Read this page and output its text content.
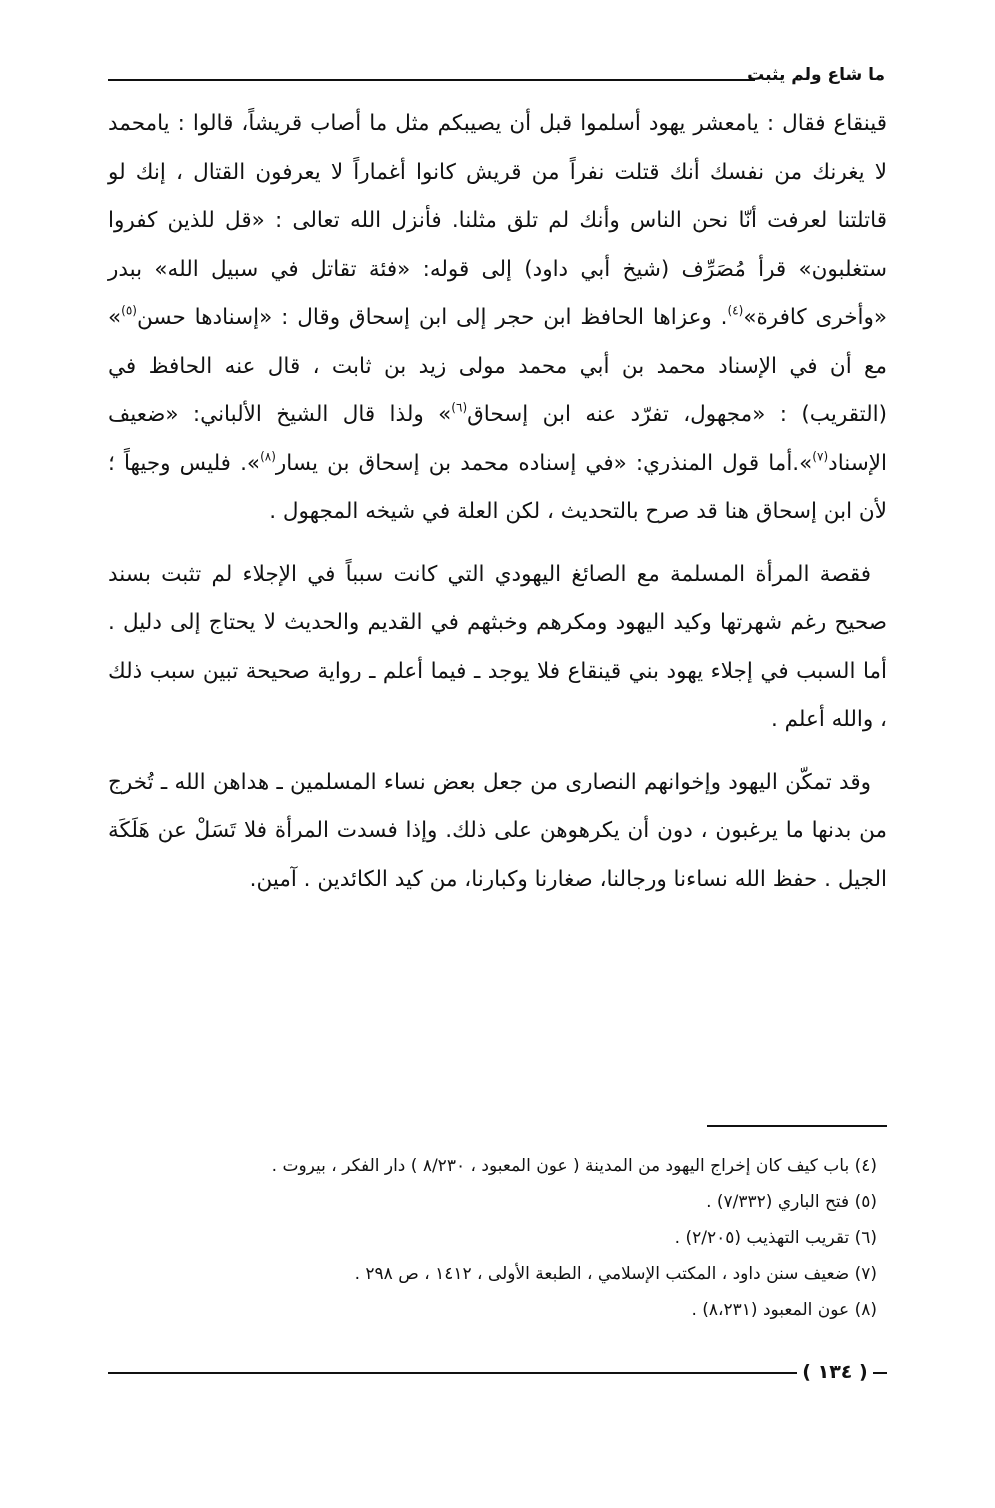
ما شاع ولم يثبت

قينقاع فقال : يامعشر يهود أسلموا قبل أن يصيبكم مثل ما أصاب قريشاً، قالوا : يامحمد لا يغرنك من نفسك أنك قتلت نفراً من قريش كانوا أغماراً لا يعرفون القتال ، إنك لو قاتلتنا لعرفت أنّا نحن الناس وأنك لم تلق مثلنا. فأنزل الله تعالى : «قل للذين كفروا ستغلبون» قرأ مُصَرِّف (شيخ أبي داود) إلى قوله: «فئة تقاتل في سبيل الله» ببدر «وأخرى كافرة»$^{(٤)}$. وعزاها الحافظ ابن حجر إلى ابن إسحاق وقال : «إسنادها حسن$^{(٥)}$» مع أن في الإسناد محمد بن أبي محمد مولى زيد بن ثابت ، قال عنه الحافظ في (التقريب) : «مجهول، تفرّد عنه ابن إسحاق$^{(٦)}$» ولذا قال الشيخ الألباني: «ضعيف الإسناد$^{(٧)}$».أما قول المنذري: «في إسناده محمد بن إسحاق بن يسار$^{(٨)}$». فليس وجيهاً ؛ لأن ابن إسحاق هنا قد صرح بالتحديث ، لكن العلة في شيخه المجهول .

فقصة المرأة المسلمة مع الصائغ اليهودي التي كانت سبباً في الإجلاء لم تثبت بسند صحيح رغم شهرتها وكيد اليهود ومكرهم وخبثهم في القديم والحديث لا يحتاج إلى دليل . أما السبب في إجلاء يهود بني قينقاع فلا يوجد ـ فيما أعلم ـ رواية صحيحة تبين سبب ذلك ، والله أعلم .

وقد تمكّن اليهود وإخوانهم النصارى من جعل بعض نساء المسلمين ـ هداهن الله ـ تُخرج من بدنها ما يرغبون ، دون أن يكرهوهن على ذلك. وإذا فسدت المرأة فلا تَسَلْ عن هَلَكَة الجيل . حفظ الله نساءنا ورجالنا، صغارنا وكبارنا، من كيد الكائدين . آمين.

(٤) باب كيف كان إخراج اليهود من المدينة ( عون المعبود ، ٨/٢٣٠ ) دار الفكر ، بيروت .
(٥) فتح الباري (٧/٣٣٢) .
(٦) تقريب التهذيب (٢/٢٠٥) .
(٧) ضعيف سنن داود ، المكتب الإسلامي ، الطبعة الأولى ، ١٤١٢ ، ص ٢٩٨ .
(٨) عون المعبود (٨،٢٣١) .
( ١٣٤ )
